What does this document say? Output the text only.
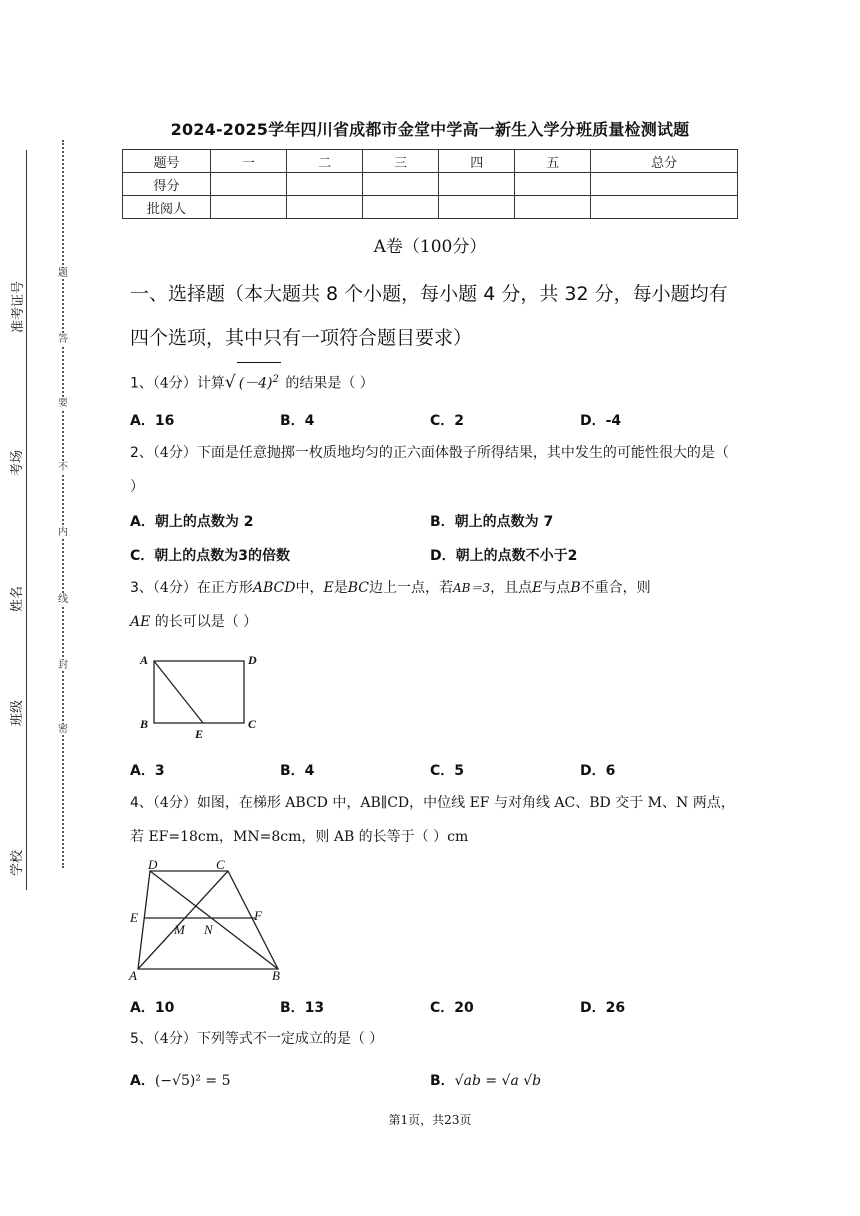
准考证号
考场
姓名
班级
学校
题
答
要
不
内
线
封
密
2024-2025学年四川省成都市金堂中学高一新生入学分班质量检测试题
题号	一	二	三	四	五	总分
得分						
批阅人						
A卷（100分）
一、选择题（本大题共 8 个小题，每小题 4 分，共 32 分，每小题均有四个选项，其中只有一项符合题目要求）
1、（4分）计算√ $(-4)^2$ 的结果是（ ）
A．16	B．4	C．2	D．-4
2、（4分）下面是任意抛掷一枚质地均匀的正六面体骰子所得结果，其中发生的可能性很大的是（ ）
A．朝上的点数为 2	B．朝上的点数为 7
C．朝上的点数为3的倍数	D．朝上的点数不小于2
3、（4分）在正方形ABCD中，E是BC边上一点，若AB＝3，且点E与点B不重合，则
AE 的长可以是（ ）
A	D
B	C
E
A．3	B．4	C．5	D．6
4、（4分）如图，在梯形 ABCD 中，AB∥CD，中位线 EF 与对角线 AC、BD 交于 M、N 两点，若 EF=18cm，MN=8cm，则 AB 的长等于（ ）cm
D	C
E	F
M N
A	B
A．10	B．13	C．20	D．26
5、（4分）下列等式不一定成立的是（ ）
A．(−√5)² = 5	B．√ab = √a √b
第1页，共23页
